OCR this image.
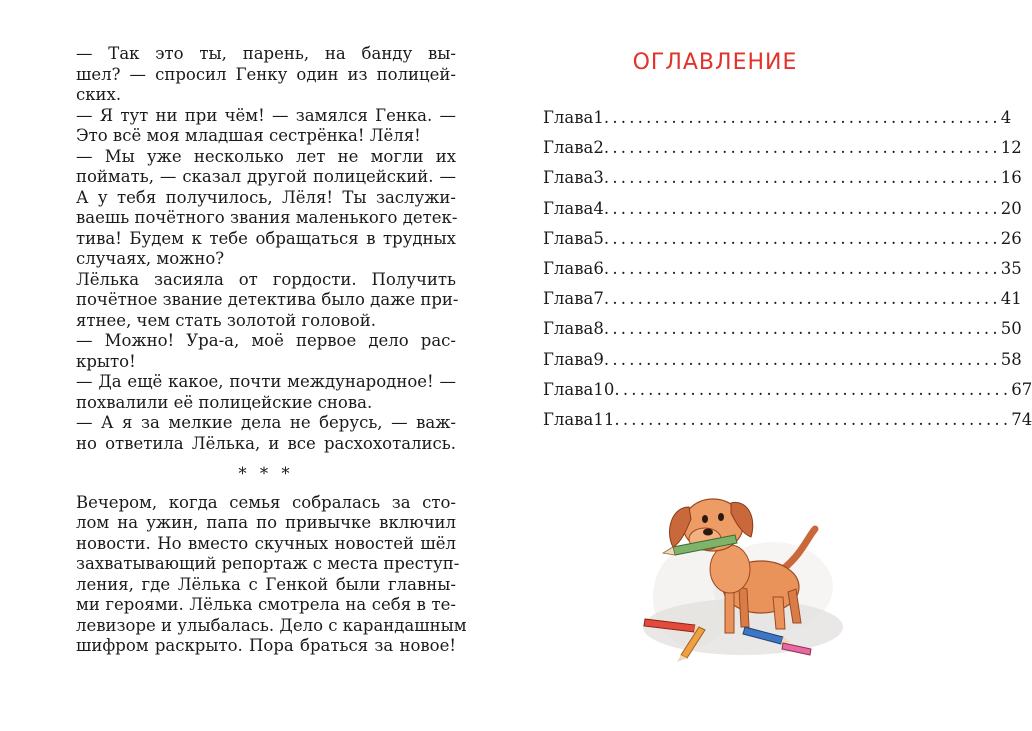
— Так это ты, парень, на банду вы-
шел? — спросил Генку один из полицей-
ских.
— Я тут ни при чём! — замялся Генка. —
Это всё моя младшая сестрёнка! Лёля!
— Мы уже несколько лет не могли их
поймать, — сказал другой полицейский. —
А у тебя получилось, Лёля! Ты заслужи-
ваешь почётного звания маленького детек-
тива! Будем к тебе обращаться в трудных
случаях, можно?
Лёлька засияла от гордости. Получить
почётное звание детектива было даже при-
ятнее, чем стать золотой головой.
— Можно! Ура-а, моё первое дело рас-
крыто!
— Да ещё какое, почти международное! —
похвалили её полицейские снова.
— А я за мелкие дела не берусь, — важ-
но ответила Лёлька, и все расхохотались.
* * *
Вечером, когда семья собралась за сто-
лом на ужин, папа по привычке включил
новости. Но вместо скучных новостей шёл
захватывающий репортаж с места преступ-
ления, где Лёлька с Генкой были главны-
ми героями. Лёлька смотрела на себя в те-
левизоре и улыбалась. Дело с карандашным
шифром раскрыто. Пора браться за новое!
ОГЛАВЛЕНИЕ
Глава 1 ............................................... 4
Глава 2 ............................................... 12
Глава 3 ............................................... 16
Глава 4 ............................................... 20
Глава 5 ............................................... 26
Глава 6 ............................................... 35
Глава 7 ............................................... 41
Глава 8 ............................................... 50
Глава 9 ............................................... 58
Глава 10 ............................................... 67
Глава 11 ............................................... 74
